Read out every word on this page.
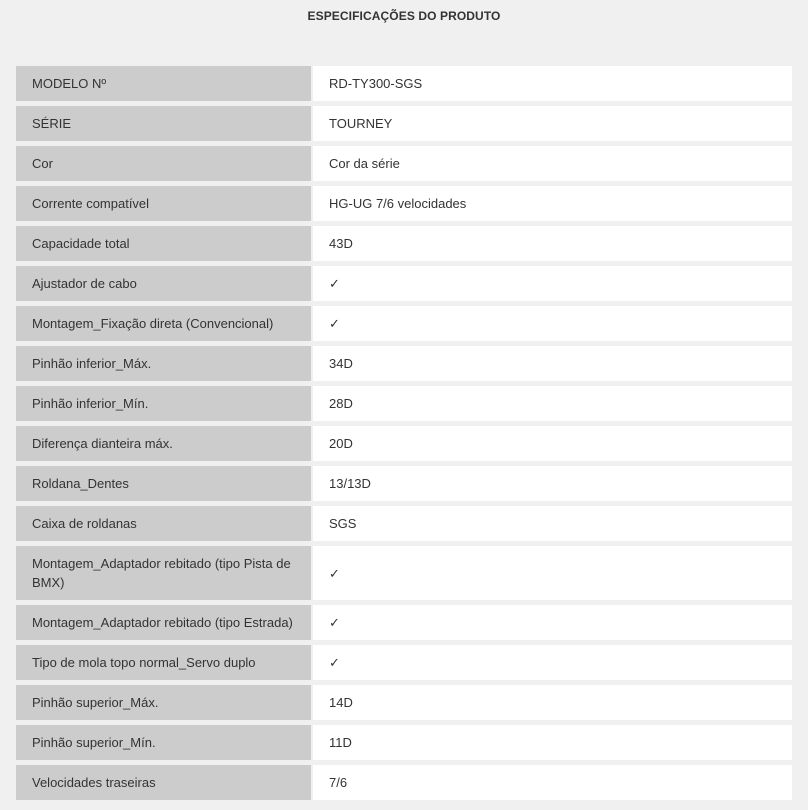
ESPECIFICAÇÕES DO PRODUTO
MODELO Nº	RD-TY300-SGS
SÉRIE	TOURNEY
Cor	Cor da série
Corrente compatível	HG-UG 7/6 velocidades
Capacidade total	43D
Ajustador de cabo	✓
Montagem_Fixação direta (Convencional)	✓
Pinhão inferior_Máx.	34D
Pinhão inferior_Mín.	28D
Diferença dianteira máx.	20D
Roldana_Dentes	13/13D
Caixa de roldanas	SGS
Montagem_Adaptador rebitado (tipo Pista de BMX)	✓
Montagem_Adaptador rebitado (tipo Estrada)	✓
Tipo de mola topo normal_Servo duplo	✓
Pinhão superior_Máx.	14D
Pinhão superior_Mín.	11D
Velocidades traseiras	7/6
